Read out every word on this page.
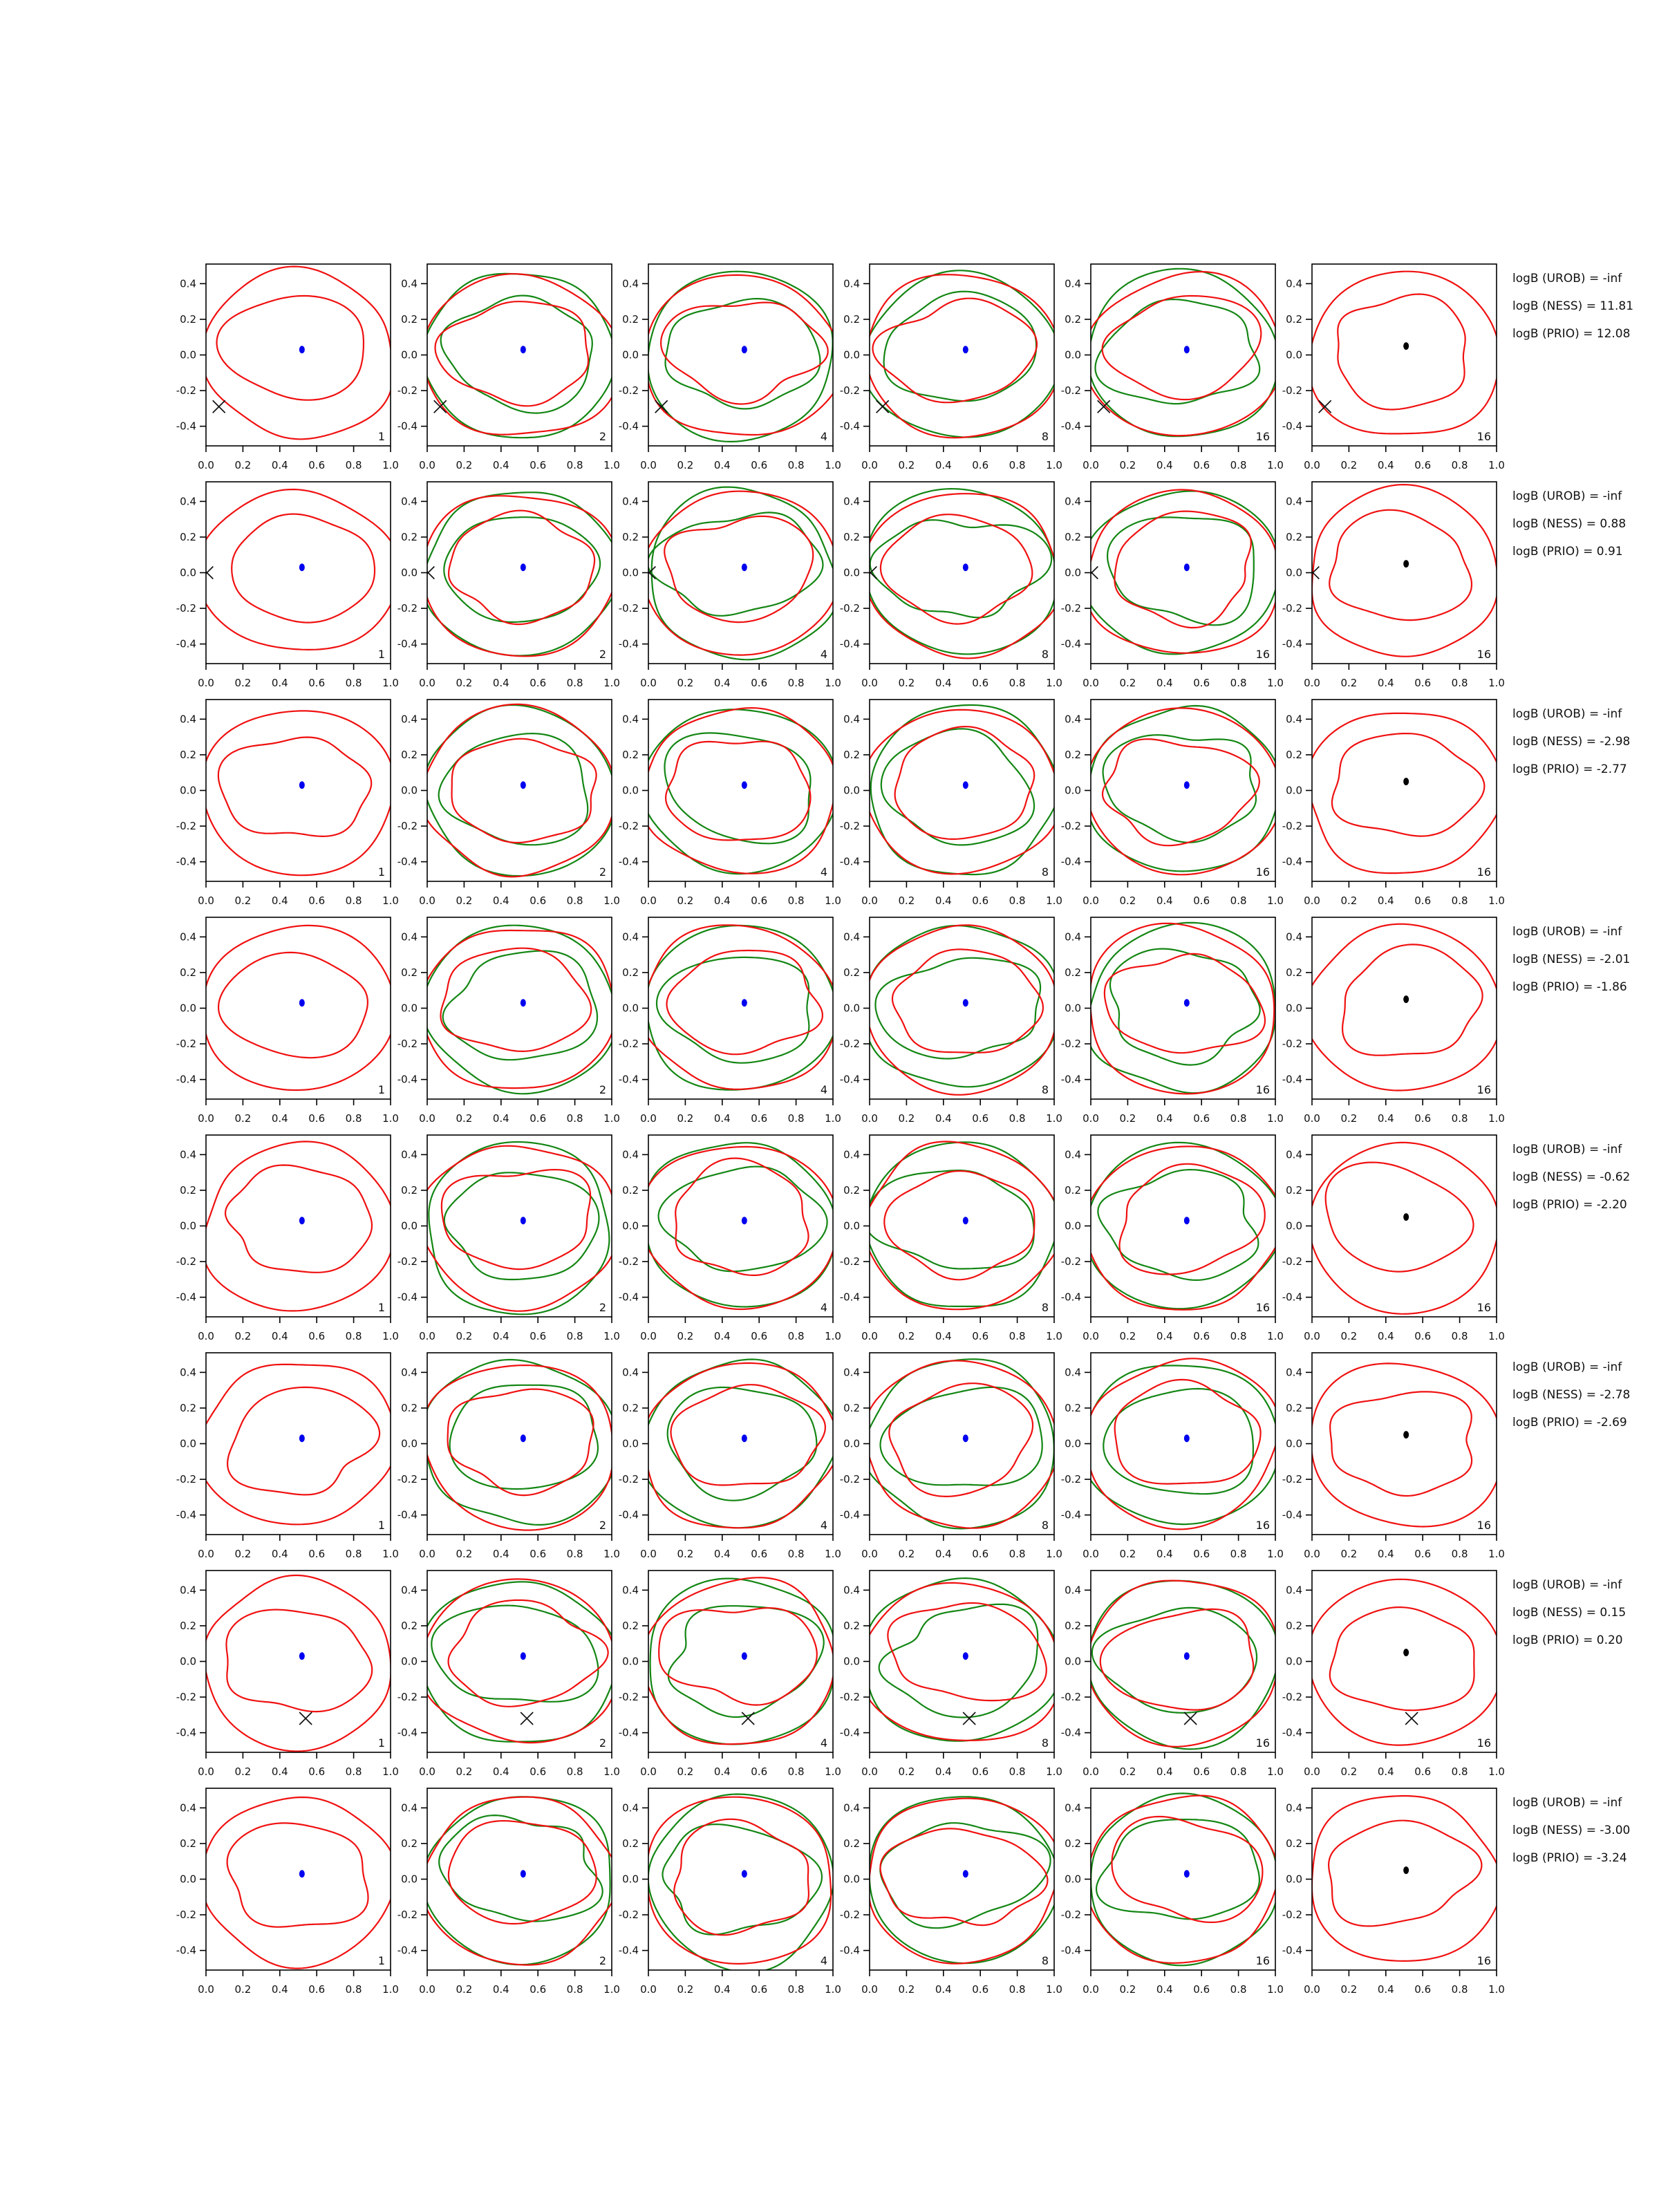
0.0 0.2 0.4 0.6 0.8 1.0
-0.4
-0.2
0.0
0.2
0.4
1
0.0 0.2 0.4 0.6 0.8 1.0
-0.4
-0.2
0.0
0.2
0.4
2
0.0 0.2 0.4 0.6 0.8 1.0
-0.4
-0.2
0.0
0.2
0.4
4
0.0 0.2 0.4 0.6 0.8 1.0
-0.4
-0.2
0.0
0.2
0.4
8
0.0 0.2 0.4 0.6 0.8 1.0
-0.4
-0.2
0.0
0.2
0.4
16
0.0 0.2 0.4 0.6 0.8 1.0
-0.4
-0.2
0.0
0.2
0.4
16
0.0 0.2 0.4 0.6 0.8 1.0
-0.4
-0.2
0.0
0.2
0.4
1
0.0 0.2 0.4 0.6 0.8 1.0
-0.4
-0.2
0.0
0.2
0.4
2
0.0 0.2 0.4 0.6 0.8 1.0
-0.4
-0.2
0.0
0.2
0.4
4
0.0 0.2 0.4 0.6 0.8 1.0
-0.4
-0.2
0.0
0.2
0.4
8
0.0 0.2 0.4 0.6 0.8 1.0
-0.4
-0.2
0.0
0.2
0.4
16
0.0 0.2 0.4 0.6 0.8 1.0
-0.4
-0.2
0.0
0.2
0.4
16
0.0 0.2 0.4 0.6 0.8 1.0
-0.4
-0.2
0.0
0.2
0.4
1
0.0 0.2 0.4 0.6 0.8 1.0
-0.4
-0.2
0.0
0.2
0.4
2
0.0 0.2 0.4 0.6 0.8 1.0
-0.4
-0.2
0.0
0.2
0.4
4
0.0 0.2 0.4 0.6 0.8 1.0
-0.4
-0.2
0.0
0.2
0.4
8
0.0 0.2 0.4 0.6 0.8 1.0
-0.4
-0.2
0.0
0.2
0.4
16
0.0 0.2 0.4 0.6 0.8 1.0
-0.4
-0.2
0.0
0.2
0.4
16
0.0 0.2 0.4 0.6 0.8 1.0
-0.4
-0.2
0.0
0.2
0.4
1
0.0 0.2 0.4 0.6 0.8 1.0
-0.4
-0.2
0.0
0.2
0.4
2
0.0 0.2 0.4 0.6 0.8 1.0
-0.4
-0.2
0.0
0.2
0.4
4
0.0 0.2 0.4 0.6 0.8 1.0
-0.4
-0.2
0.0
0.2
0.4
8
0.0 0.2 0.4 0.6 0.8 1.0
-0.4
-0.2
0.0
0.2
0.4
16
0.0 0.2 0.4 0.6 0.8 1.0
-0.4
-0.2
0.0
0.2
0.4
16
0.0 0.2 0.4 0.6 0.8 1.0
-0.4
-0.2
0.0
0.2
0.4
1
0.0 0.2 0.4 0.6 0.8 1.0
-0.4
-0.2
0.0
0.2
0.4
2
0.0 0.2 0.4 0.6 0.8 1.0
-0.4
-0.2
0.0
0.2
0.4
4
0.0 0.2 0.4 0.6 0.8 1.0
-0.4
-0.2
0.0
0.2
0.4
8
0.0 0.2 0.4 0.6 0.8 1.0
-0.4
-0.2
0.0
0.2
0.4
16
0.0 0.2 0.4 0.6 0.8 1.0
-0.4
-0.2
0.0
0.2
0.4
16
0.0 0.2 0.4 0.6 0.8 1.0
-0.4
-0.2
0.0
0.2
0.4
1
0.0 0.2 0.4 0.6 0.8 1.0
-0.4
-0.2
0.0
0.2
0.4
2
0.0 0.2 0.4 0.6 0.8 1.0
-0.4
-0.2
0.0
0.2
0.4
4
0.0 0.2 0.4 0.6 0.8 1.0
-0.4
-0.2
0.0
0.2
0.4
8
0.0 0.2 0.4 0.6 0.8 1.0
-0.4
-0.2
0.0
0.2
0.4
16
0.0 0.2 0.4 0.6 0.8 1.0
-0.4
-0.2
0.0
0.2
0.4
16
0.0 0.2 0.4 0.6 0.8 1.0
-0.4
-0.2
0.0
0.2
0.4
1
0.0 0.2 0.4 0.6 0.8 1.0
-0.4
-0.2
0.0
0.2
0.4
2
0.0 0.2 0.4 0.6 0.8 1.0
-0.4
-0.2
0.0
0.2
0.4
4
0.0 0.2 0.4 0.6 0.8 1.0
-0.4
-0.2
0.0
0.2
0.4
8
0.0 0.2 0.4 0.6 0.8 1.0
-0.4
-0.2
0.0
0.2
0.4
16
0.0 0.2 0.4 0.6 0.8 1.0
-0.4
-0.2
0.0
0.2
0.4
16
0.0 0.2 0.4 0.6 0.8 1.0
-0.4
-0.2
0.0
0.2
0.4
1
0.0 0.2 0.4 0.6 0.8 1.0
-0.4
-0.2
0.0
0.2
0.4
2
0.0 0.2 0.4 0.6 0.8 1.0
-0.4
-0.2
0.0
0.2
0.4
4
0.0 0.2 0.4 0.6 0.8 1.0
-0.4
-0.2
0.0
0.2
0.4
8
0.0 0.2 0.4 0.6 0.8 1.0
-0.4
-0.2
0.0
0.2
0.4
16
0.0 0.2 0.4 0.6 0.8 1.0
-0.4
-0.2
0.0
0.2
0.4
16
logB (UROB) = -inf
logB (NESS) = 11.81
logB (PRIO) = 12.08
logB (UROB) = -inf
logB (NESS) = 0.88
logB (PRIO) = 0.91
logB (UROB) = -inf
logB (NESS) = -2.98
logB (PRIO) = -2.77
logB (UROB) = -inf
logB (NESS) = -2.01
logB (PRIO) = -1.86
logB (UROB) = -inf
logB (NESS) = -0.62
logB (PRIO) = -2.20
logB (UROB) = -inf
logB (NESS) = -2.78
logB (PRIO) = -2.69
logB (UROB) = -inf
logB (NESS) = 0.15
logB (PRIO) = 0.20
logB (UROB) = -inf
logB (NESS) = -3.00
logB (PRIO) = -3.24
